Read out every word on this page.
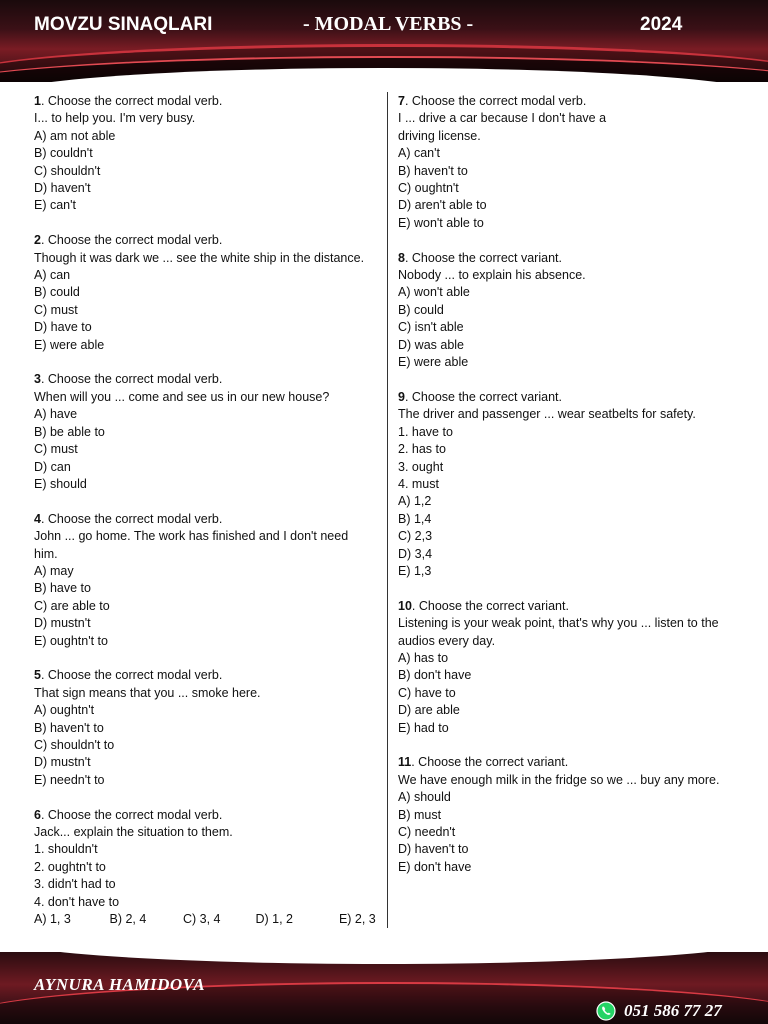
MOVZU SINAQLARI	- MODAL VERBS -	2024
1. Choose the correct modal verb.
I... to help you. I'm very busy.
A) am not able
B) couldn't
C) shouldn't
D) haven't
E) can't
2. Choose the correct modal verb.
Though it was dark we ... see the white ship in the distance.
A) can
B) could
C) must
D) have to
E) were able
3. Choose the correct modal verb.
When will you ... come and see us in our new house?
A) have
B) be able to
C) must
D) can
E) should
4. Choose the correct modal verb.
John ... go home. The work has finished and I don't need
him.
A) may
B) have to
C) are able to
D) mustn't
E) oughtn't to
5. Choose the correct modal verb.
That sign means that you ... smoke here.
A) oughtn't
B) haven't to
C) shouldn't to
D) mustn't
E) needn't to
6. Choose the correct modal verb.
Jack... explain the situation to them.
1. shouldn't
2. oughtn't to
3. didn't had to
4. don't have to
A) 1, 3	B) 2, 4	C) 3, 4	D) 1, 2	E) 2, 3
7. Choose the correct modal verb.
I ... drive a car because I don't have a
driving license.
A) can't
B) haven't to
C) oughtn't
D) aren't able to
E) won't able to
8. Choose the correct variant.
Nobody ... to explain his absence.
A) won't able
B) could
C) isn't able
D) was able
E) were able
9. Choose the correct variant.
The driver and passenger ... wear seatbelts for safety.
1. have to
2. has to
3. ought
4. must
A) 1,2
B) 1,4
C) 2,3
D) 3,4
E) 1,3
10. Choose the correct variant.
Listening is your weak point, that's why you ... listen to the
audios every day.
A) has to
B) don't have
C) have to
D) are able
E) had to
11. Choose the correct variant.
We have enough milk in the fridge so we ... buy any more.
A) should
B) must
C) needn't
D) haven't to
E) don't have
AYNURA HAMIDOVA
051 586 77 27
